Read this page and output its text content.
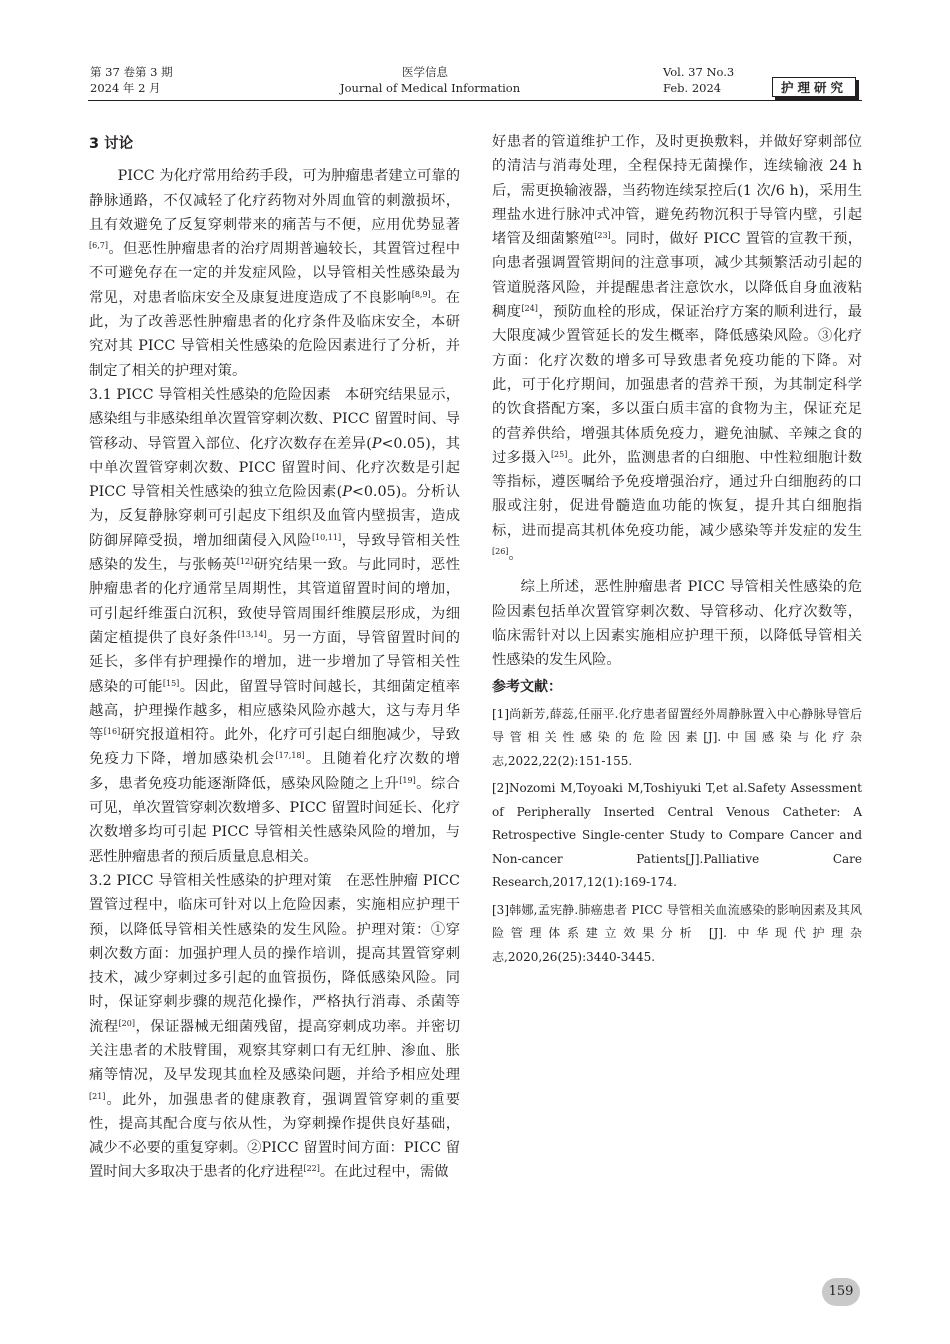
第 37 卷第 3 期
2024 年 2 月
医学信息
Journal of Medical Information
Vol. 37 No.3
Feb. 2024	护理研究

3 讨论

PICC 为化疗常用给药手段，可为肿瘤患者建立可靠的静脉通路，不仅减轻了化疗药物对外周血管的刺激损坏，且有效避免了反复穿刺带来的痛苦与不便，应用优势显著[6,7]。但恶性肿瘤患者的治疗周期普遍较长，其置管过程中不可避免存在一定的并发症风险，以导管相关性感染最为常见，对患者临床安全及康复进度造成了不良影响[8,9]。在此，为了改善恶性肿瘤患者的化疗条件及临床安全，本研究对其 PICC 导管相关性感染的危险因素进行了分析，并制定了相关的护理对策。

3.1 PICC 导管相关性感染的危险因素 本研究结果显示，感染组与非感染组单次置管穿刺次数、PICC 留置时间、导管移动、导管置入部位、化疗次数存在差异(P<0.05)，其中单次置管穿刺次数、PICC 留置时间、化疗次数是引起 PICC 导管相关性感染的独立危险因素(P<0.05)。分析认为，反复静脉穿刺可引起皮下组织及血管内壁损害，造成防御屏障受损，增加细菌侵入风险[10,11]，导致导管相关性感染的发生，与张畅英[12]研究结果一致。与此同时，恶性肿瘤患者的化疗通常呈周期性，其管道留置时间的增加，可引起纤维蛋白沉积，致使导管周围纤维膜层形成，为细菌定植提供了良好条件[13,14]。另一方面，导管留置时间的延长，多伴有护理操作的增加，进一步增加了导管相关性感染的可能[15]。因此，留置导管时间越长，其细菌定植率越高，护理操作越多，相应感染风险亦越大，这与寿月华等[16]研究报道相符。此外，化疗可引起白细胞减少，导致免疫力下降，增加感染机会[17,18]。且随着化疗次数的增多，患者免疫功能逐渐降低，感染风险随之上升[19]。综合可见，单次置管穿刺次数增多、PICC 留置时间延长、化疗次数增多均可引起 PICC 导管相关性感染风险的增加，与恶性肿瘤患者的预后质量息息相关。

3.2 PICC 导管相关性感染的护理对策 在恶性肿瘤 PICC 置管过程中，临床可针对以上危险因素，实施相应护理干预，以降低导管相关性感染的发生风险。护理对策：①穿刺次数方面：加强护理人员的操作培训，提高其置管穿刺技术，减少穿刺过多引起的血管损伤，降低感染风险。同时，保证穿刺步骤的规范化操作，严格执行消毒、杀菌等流程[20]，保证器械无细菌残留，提高穿刺成功率。并密切关注患者的术肢臂围，观察其穿刺口有无红肿、渗血、胀痛等情况，及早发现其血栓及感染问题，并给予相应处理[21]。此外，加强患者的健康教育，强调置管穿刺的重要性，提高其配合度与依从性，为穿刺操作提供良好基础，减少不必要的重复穿刺。②PICC 留置时间方面：PICC 留置时间大多取决于患者的化疗进程[22]。在此过程中，需做

好患者的管道维护工作，及时更换敷料，并做好穿刺部位的清洁与消毒处理，全程保持无菌操作，连续输液 24 h 后，需更换输液器，当药物连续泵控后(1 次/6 h)，采用生理盐水进行脉冲式冲管，避免药物沉积于导管内壁，引起堵管及细菌繁殖[23]。同时，做好 PICC 置管的宣教干预，向患者强调置管期间的注意事项，减少其频繁活动引起的管道脱落风险，并提醒患者注意饮水，以降低自身血液粘稠度[24]，预防血栓的形成，保证治疗方案的顺利进行，最大限度减少置管延长的发生概率，降低感染风险。③化疗方面：化疗次数的增多可导致患者免疫功能的下降。对此，可于化疗期间，加强患者的营养干预，为其制定科学的饮食搭配方案，多以蛋白质丰富的食物为主，保证充足的营养供给，增强其体质免疫力，避免油腻、辛辣之食的过多摄入[25]。此外，监测患者的白细胞、中性粒细胞计数等指标，遵医嘱给予免疫增强治疗，通过升白细胞药的口服或注射，促进骨髓造血功能的恢复，提升其白细胞指标，进而提高其机体免疫功能，减少感染等并发症的发生[26]。

综上所述，恶性肿瘤患者 PICC 导管相关性感染的危险因素包括单次置管穿刺次数、导管移动、化疗次数等，临床需针对以上因素实施相应护理干预，以降低导管相关性感染的发生风险。

参考文献：

[1]尚新芳,薛蕊,任丽平.化疗患者留置经外周静脉置入中心静脉导管后导管相关性感染的危险因素[J].中国感染与化疗杂志,2022,22(2):151-155.

[2]Nozomi M,Toyoaki M,Toshiyuki T,et al.Safety Assessment of Peripherally Inserted Central Venous Catheter: A Retrospective Single-center Study to Compare Cancer and Non-cancer Patients[J].Palliative Care Research,2017,12(1):169-174.

[3]韩娜,孟宪静.肺癌患者 PICC 导管相关血流感染的影响因素及其风险管理体系建立效果分析 [J]. 中华现代护理杂志,2020,26(25):3440-3445.

159
